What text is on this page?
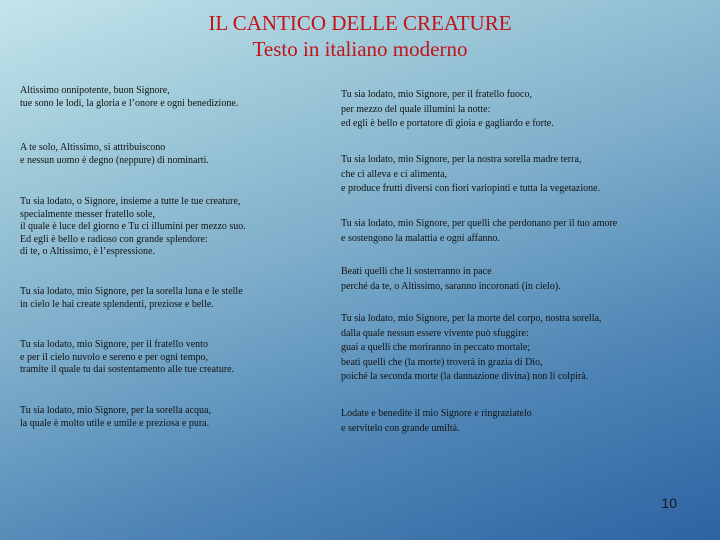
IL CANTICO DELLE CREATURE
Testo in italiano moderno
Altissimo onnipotente, buon Signore,
tue sono le lodi, la gloria e l’onore e ogni benedizione.
A te solo, Altissimo, si attribuiscono
e nessun uomo è degno (neppure) di nominarti.
Tu sia lodato, o Signore, insieme a tutte le tue creature,
specialmente messer fratello sole,
il quale è luce del giorno e Tu ci illumini per mezzo suo.
Ed egli è bello e radioso con grande splendore:
di te, o Altissimo, è l’espressione.
Tu sia lodato, mio Signore, per la sorella luna e le stelle
in cielo le hai create splendenti, preziose e belle.
Tu sia lodato, mio Signore, per il fratello vento
e per il cielo nuvolo e sereno e per ogni tempo,
tramite il quale tu dai sostentamento alle tue creature.
Tu sia lodato, mio Signore, per la sorella acqua,
la quale è molto utile e umile e preziosa e pura.
Tu sia lodato, mio Signore, per il fratello fuoco,
per mezzo del quale illumini la notte:
ed egli è bello e portatore di gioia e gagliardo e forte.
Tu sia lodato, mio Signore, per la nostra sorella madre terra,
che ci alleva e ci alimenta,
e produce frutti diversi con fiori variopinti e tutta la vegetazione.
Tu sia lodato, mio Signore, per quelli che perdonano per il tuo amore
e sostengono la malattia e ogni affanno.
Beati quelli che li sosterranno in pace
perché da te, o Altissimo, saranno incoronati (in cielo).
Tu sia lodato, mio Signore, per la morte del corpo, nostra sorella,
dalla quale nessun essere vivente può sfuggire:
guai a quelli che moriranno in peccato mortale;
beati quelli che (la morte) troverà in grazia di Dio,
poiché la seconda morte (la dannazione divina) non li colpirà.
Lodate e benedite il mio Signore e ringraziatelo
e servitelo con grande umiltà.
10
